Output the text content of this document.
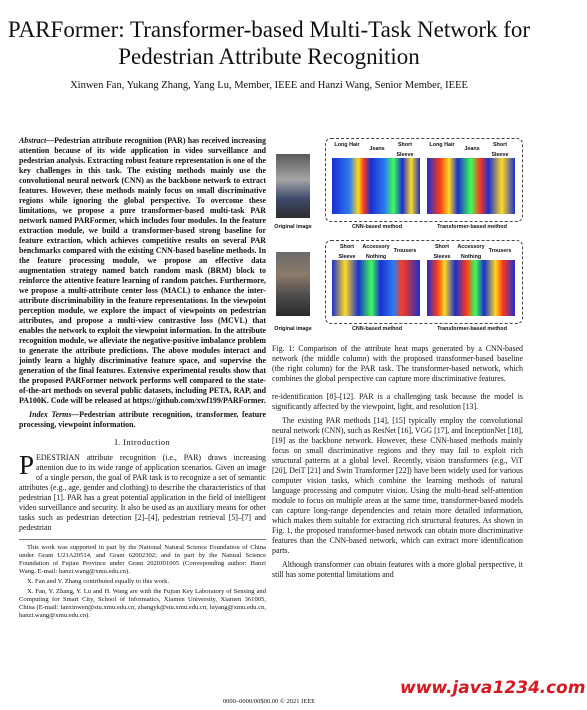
PARFormer: Transformer-based Multi-Task Network for Pedestrian Attribute Recognition
Xinwen Fan, Yukang Zhang, Yang Lu, Member, IEEE and Hanzi Wang, Senior Member, IEEE

Abstract—Pedestrian attribute recognition (PAR) has received increasing attention because of its wide application in video surveillance and pedestrian analysis. Extracting robust feature representation is one of the key challenges in this task. The existing methods mainly use the convolutional neural network (CNN) as the backbone network to extract features. However, these methods mainly focus on small discriminative regions while ignoring the global perspective. To overcome these limitations, we propose a pure transformer-based multi-task PAR network named PARFormer, which includes four modules. In the feature extraction module, we build a transformer-based strong baseline for feature extraction, which achieves competitive results on several PAR benchmarks compared with the existing CNN-based baseline methods. In the feature processing module, we propose an effective data augmentation strategy named batch random mask (BRM) block to reinforce the attentive feature learning of random patches. Furthermore, we propose a multi-attribute center loss (MACL) to enhance the inter-attribute discriminability in the feature representations. In the viewpoint perception module, we explore the impact of viewpoints on pedestrian attributes, and propose a multi-view contrastive loss (MCVL) that enables the network to exploit the viewpoint information. In the attribute recognition module, we alleviate the negative-positive imbalance problem to generate the attribute predictions. The above modules interact and jointly learn a highly discriminative feature space, and supervise the generation of the final features. Extensive experimental results show that the proposed PARFormer network performs well compared to the state-of-the-art methods on several public datasets, including PETA, RAP, and PA100K. Code will be released at https://github.com/xwf199/PARFormer.

Index Terms—Pedestrian attribute recognition, transformer, feature processing, viewpoint information.

I. Introduction

PEDESTRIAN attribute recognition (i.e., PAR) draws increasing attention due to its wide range of application scenarios. Given an image of a single person, the goal of PAR task is to recognize a set of semantic attributes (e.g., age, gender and clothing) to describe the characteristics of that pedestrian [1]. PAR has a great potential application in the field of intelligent video surveillance and security. It also be used as an auxiliary means for other tasks such as pedestrian detection [2]–[4], pedestrian retrieval [5]–[7] and pedestrian

This work was supported in part by the National Natural Science Foundation of China under Grant U21A20514, and Grant 62002302; and in part by the Natural Science Foundation of Fujian Province under Grant 2020J01005 (Corresponding author: Hanzi Wang. E-mail: hanzi.wang@xmu.edu.cn).

X. Fan and Y. Zhang contributed equally to this work.

X. Fan, Y. Zhang, Y. Lu and H. Wang are with the Fujian Key Laboratory of Sensing and Computing for Smart City, School of Informatics, Xiamen University, Xiamen 361005, China (E-mail: fanxinwen@stu.xmu.edu.cn, zhangyk@stu.xmu.edu.cn, luyang@xmu.edu.cn, hanzi.wang@xmu.edu.cn).

Long Hair
Jeans
Short Sleeve
Long Hair
Jeans
Short Sleeve
Short Sleeve
Accessory Nothing
Trousers
Short Sleeve
Accessory Nothing
Trousers
Original image	CNN-based method	Transformer-based method
Original image	CNN-based method	Transformer-based method
Fig. 1: Comparison of the attribute heat maps generated by a CNN-based network (the middle column) with the proposed transformer-based baseline (the right column) for the PAR task. The transformer-based network, which combines the global perspective can capture more discriminative features.

re-identification [8]–[12]. PAR is a challenging task because the model is significantly affected by the viewpoint, light, and resolution [13].

The existing PAR methods [14], [15] typically employ the convolutional neural network (CNN), such as ResNet [16], VGG [17], and InceptionNet [18], [19] as the backbone network. However, these CNN-based methods mainly focus on small discriminative regions and they may fail to exploit rich structural patterns at a global level. Recently, vision transformers (e.g., ViT [20], DeiT [21] and Swin Transformer [22]) have been widely used for various computer vision tasks, which combine the learning methods of natural language processing and computer vision. Using the multi-head self-attention module to focus on multiple areas at the same time, transformer-based models can capture long-range dependencies and retain more detailed information, which makes them suitable for extracting rich structural features. As shown in Fig. 1, the proposed transformer-based network can obtain more discriminative features than the CNN-based network, which can extract more identification parts.

Although transformer can obtain features with a more global perspective, it still has some potential limitations and

www.java1234.com
0000–0000/00$00.00 © 2021 IEEE
